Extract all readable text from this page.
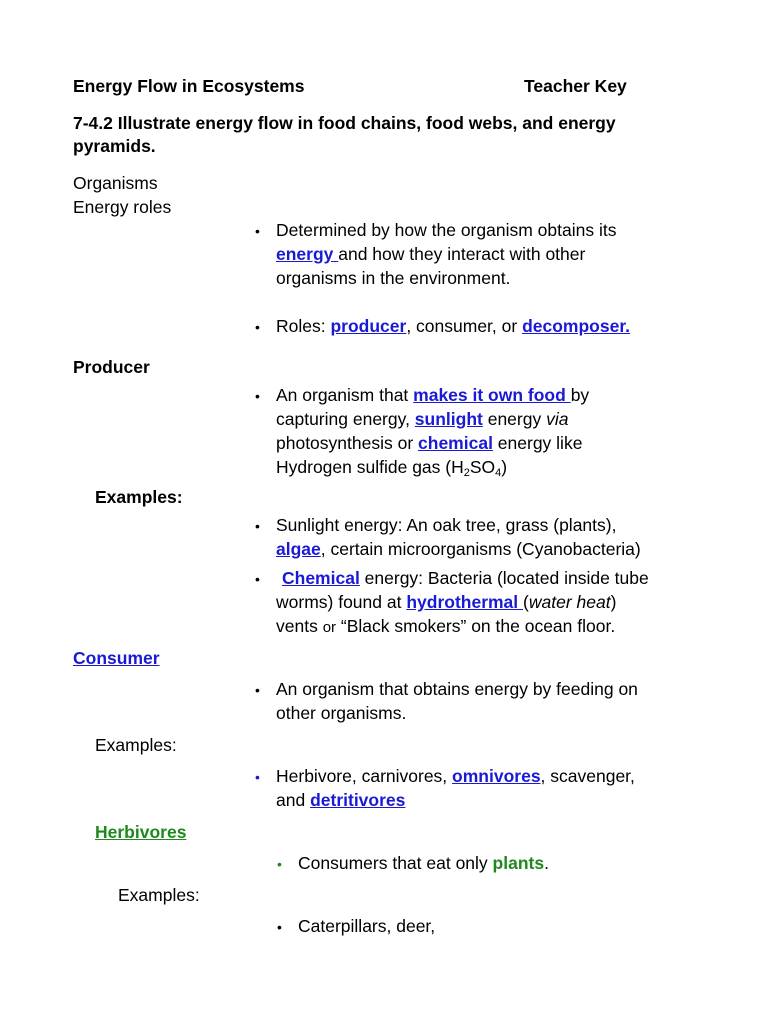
Energy Flow in Ecosystems	Teacher Key
7-4.2 Illustrate energy flow in food chains, food webs, and energy
pyramids.
Organisms
Energy roles
• Determined by how the organism obtains its
energy and how they interact with other
organisms in the environment.
• Roles: producer, consumer, or decomposer.
Producer
• An organism that makes it own food by
capturing energy, sunlight energy via
photosynthesis or chemical energy like
Hydrogen sulfide gas $(H_2SO_4)$
Examples:
• Sunlight energy: An oak tree, grass (plants),
algae, certain microorganisms (Cyanobacteria)
• Chemical energy: Bacteria (located inside tube
worms) found at hydrothermal (water heat)
vents or “Black smokers” on the ocean floor.
Consumer
• An organism that obtains energy by feeding on
other organisms.
Examples:
• Herbivore, carnivores, omnivores, scavenger,
and detritivores
Herbivores
• Consumers that eat only plants.
Examples:
• Caterpillars, deer,
